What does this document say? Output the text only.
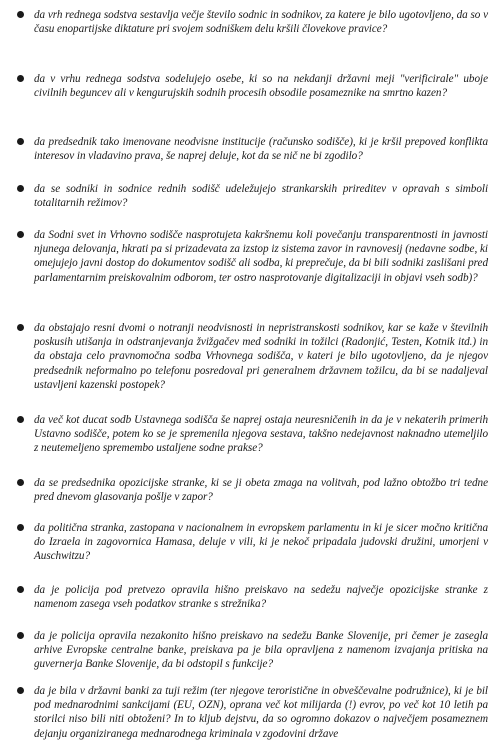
da vrh rednega sodstva sestavlja večje število sodnic in sodnikov, za katere je bilo ugotovljeno, da so v času enopartijske diktature pri svojem sodniškem delu kršili človekove pravice?

da v vrhu rednega sodstva sodelujejo osebe, ki so na nekdanji državni meji "verificirale" uboje civilnih beguncev ali v kengurujskih sodnih procesih obsodile posameznike na smrtno kazen?

da predsednik tako imenovane neodvisne institucije (računsko sodišče), ki je kršil prepoved konflikta interesov in vladavino prava, še naprej deluje, kot da se nič ne bi zgodilo?

da se sodniki in sodnice rednih sodišč udeležujejo strankarskih prireditev v opravah s simboli totalitarnih režimov?

da Sodni svet in Vrhovno sodišče nasprotujeta kakršnemu koli povečanju transparentnosti in javnosti njunega delovanja, hkrati pa si prizadevata za izstop iz sistema zavor in ravnovesij (nedavne sodbe, ki omejujejo javni dostop do dokumentov sodišč ali sodba, ki preprečuje, da bi bili sodniki zaslišani pred parlamentarnim preiskovalnim odborom, ter ostro nasprotovanje digitalizaciji in objavi vseh sodb)?

da obstajajo resni dvomi o notranji neodvisnosti in nepristranskosti sodnikov, kar se kaže v številnih poskusih utišanja in odstranjevanja žvižgačev med sodniki in tožilci (Radonjić, Testen, Kotnik itd.) in da obstaja celo pravnomočna sodba Vrhovnega sodišča, v kateri je bilo ugotovljeno, da je njegov predsednik neformalno po telefonu posredoval pri generalnem državnem tožilcu, da bi se nadaljeval ustavljeni kazenski postopek?

da več kot ducat sodb Ustavnega sodišča še naprej ostaja neuresničenih in da je v nekaterih primerih Ustavno sodišče, potem ko se je spremenila njegova sestava, takšno nedejavnost naknadno utemeljilo z neutemeljeno spremembo ustaljene sodne prakse?

da se predsednika opozicijske stranke, ki se ji obeta zmaga na volitvah, pod lažno obtožbo tri tedne pred dnevom glasovanja pošlje v zapor?

da politična stranka, zastopana v nacionalnem in evropskem parlamentu in ki je sicer močno kritična do Izraela in zagovornica Hamasa, deluje v vili, ki je nekoč pripadala judovski družini, umorjeni v Auschwitzu?

da je policija pod pretvezo opravila hišno preiskavo na sedežu največje opozicijske stranke z namenom zasega vseh podatkov stranke s strežnika?

da je policija opravila nezakonito hišno preiskavo na sedežu Banke Slovenije, pri čemer je zasegla arhive Evropske centralne banke, preiskava pa je bila opravljena z namenom izvajanja pritiska na guvernerja Banke Slovenije, da bi odstopil s funkcije?

da je bila v državni banki za tuji režim (ter njegove teroristične in obveščevalne podružnice), ki je bil pod mednarodnimi sankcijami (EU, OZN), oprana več kot milijarda (!) evrov, po več kot 10 letih pa storilci niso bili niti obtoženi? In to kljub dejstvu, da so ogromno dokazov o največjem posameznem dejanju organiziranega mednarodnega kriminala v zgodovini države
